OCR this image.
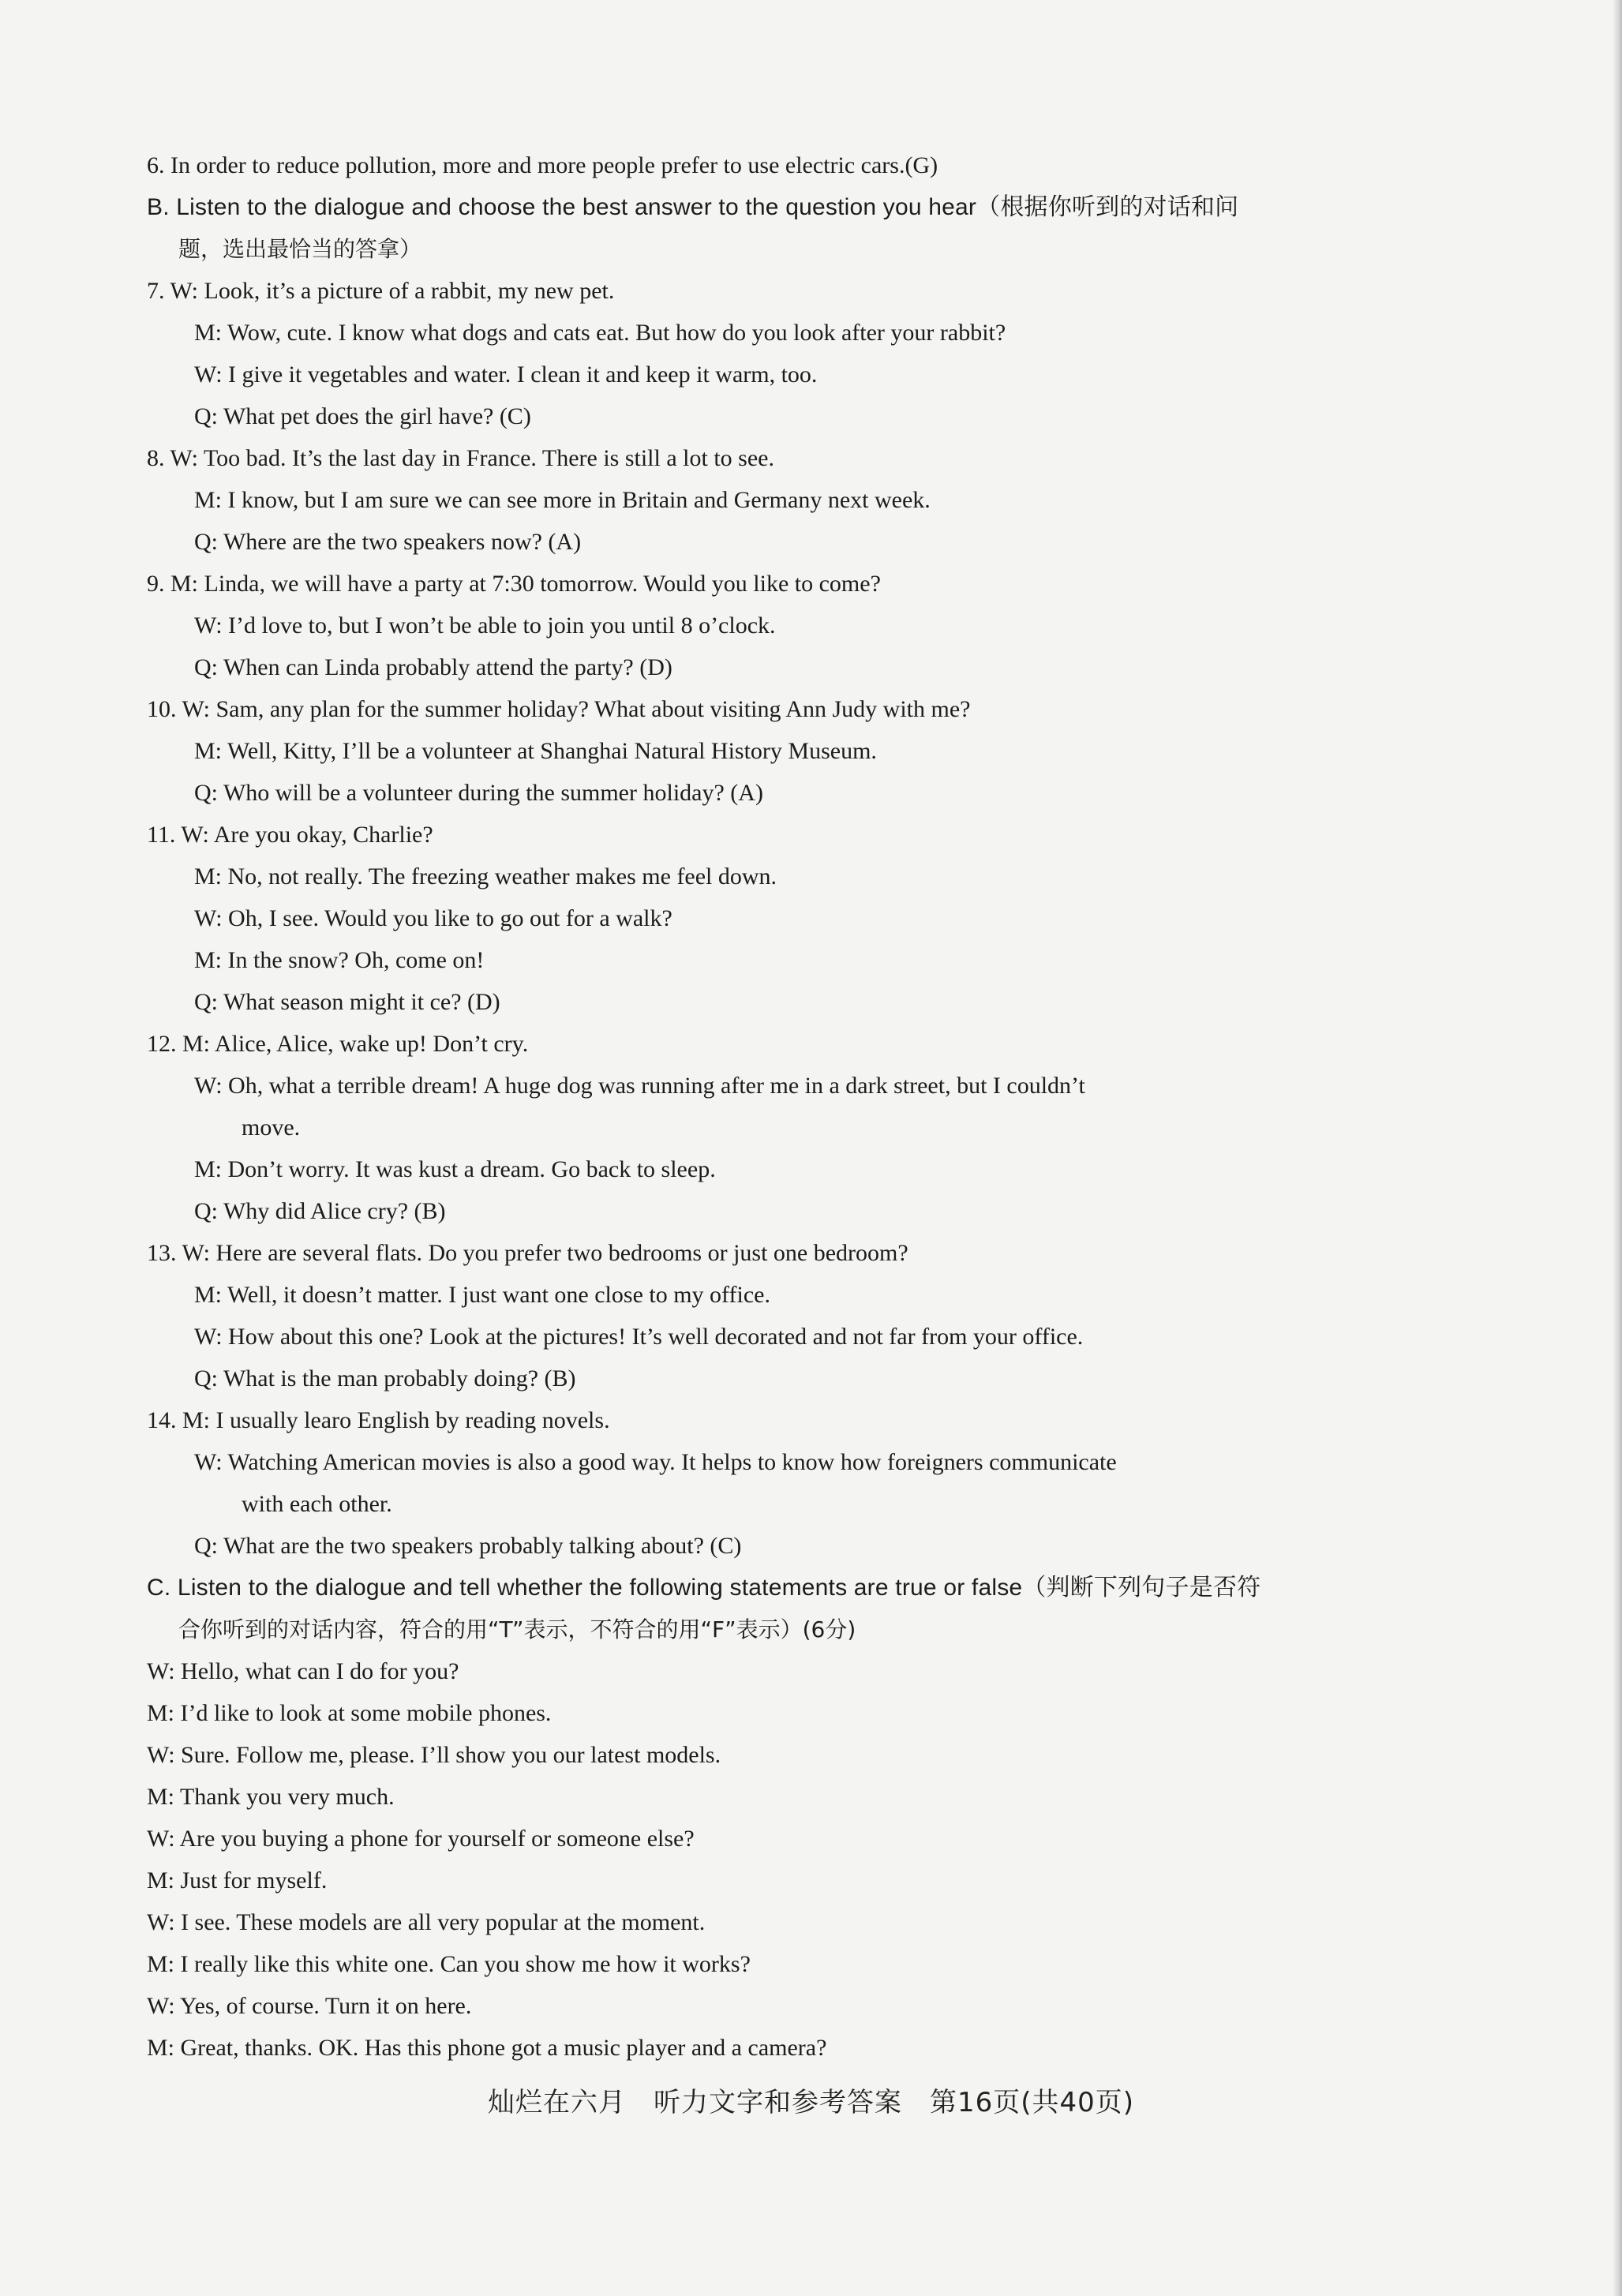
6. In order to reduce pollution, more and more people prefer to use electric cars.(G)
B. Listen to the dialogue and choose the best answer to the question you hear（根据你听到的对话和问
题，选出最恰当的答拿）
7. W: Look, it’s a picture of a rabbit, my new pet.
M: Wow, cute. I know what dogs and cats eat. But how do you look after your rabbit?
W: I give it vegetables and water. I clean it and keep it warm, too.
Q: What pet does the girl have? (C)
8. W: Too bad. It’s the last day in France. There is still a lot to see.
M: I know, but I am sure we can see more in Britain and Germany next week.
Q: Where are the two speakers now? (A)
9. M: Linda, we will have a party at 7:30 tomorrow. Would you like to come?
W: I’d love to, but I won’t be able to join you until 8 o’clock.
Q: When can Linda probably attend the party? (D)
10. W: Sam, any plan for the summer holiday? What about visiting Ann Judy with me?
M: Well, Kitty, I’ll be a volunteer at Shanghai Natural History Museum.
Q: Who will be a volunteer during the summer holiday? (A)
11. W: Are you okay, Charlie?
M: No, not really. The freezing weather makes me feel down.
W: Oh, I see. Would you like to go out for a walk?
M: In the snow? Oh, come on!
Q: What season might it ce? (D)
12. M: Alice, Alice, wake up! Don’t cry.
W: Oh, what a terrible dream! A huge dog was running after me in a dark street, but I couldn’t
move.
M: Don’t worry. It was kust a dream. Go back to sleep.
Q: Why did Alice cry? (B)
13. W: Here are several flats. Do you prefer two bedrooms or just one bedroom?
M: Well, it doesn’t matter. I just want one close to my office.
W: How about this one? Look at the pictures! It’s well decorated and not far from your office.
Q: What is the man probably doing? (B)
14. M: I usually learo English by reading novels.
W: Watching American movies is also a good way. It helps to know how foreigners communicate
with each other.
Q: What are the two speakers probably talking about? (C)
C. Listen to the dialogue and tell whether the following statements are true or false（判断下列句子是否符
合你听到的对话内容，符合的用“T”表示，不符合的用“F”表示）(6分)
W: Hello, what can I do for you?
M: I’d like to look at some mobile phones.
W: Sure. Follow me, please. I’ll show you our latest models.
M: Thank you very much.
W: Are you buying a phone for yourself or someone else?
M: Just for myself.
W: I see. These models are all very popular at the moment.
M: I really like this white one. Can you show me how it works?
W: Yes, of course. Turn it on here.
M: Great, thanks. OK. Has this phone got a music player and a camera?
灿烂在六月　听力文字和参考答案　第16页(共40页)
